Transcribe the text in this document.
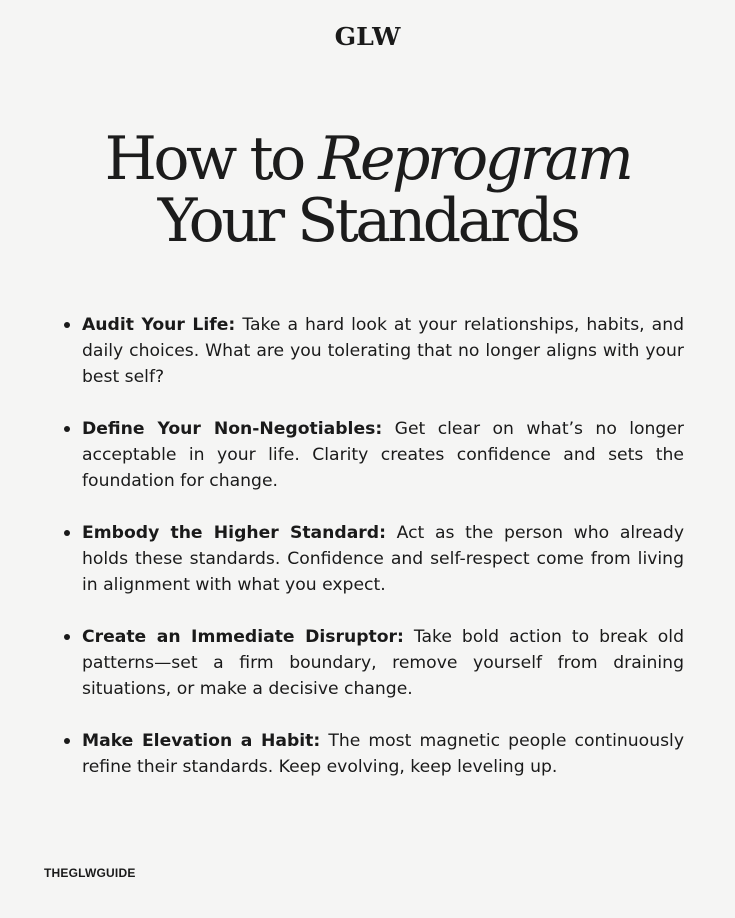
GLW
How to Reprogram
Your Standards
Audit Your Life: Take a hard look at your relationships, habits, and daily choices. What are you tolerating that no longer aligns with your best self?
Define Your Non-Negotiables: Get clear on what’s no longer acceptable in your life. Clarity creates confidence and sets the foundation for change.
Embody the Higher Standard: Act as the person who already holds these standards. Confidence and self-respect come from living in alignment with what you expect.
Create an Immediate Disruptor: Take bold action to break old patterns—set a firm boundary, remove yourself from draining situations, or make a decisive change.
Make Elevation a Habit: The most magnetic people continuously refine their standards. Keep evolving, keep leveling up.
THEGLWGUIDE
